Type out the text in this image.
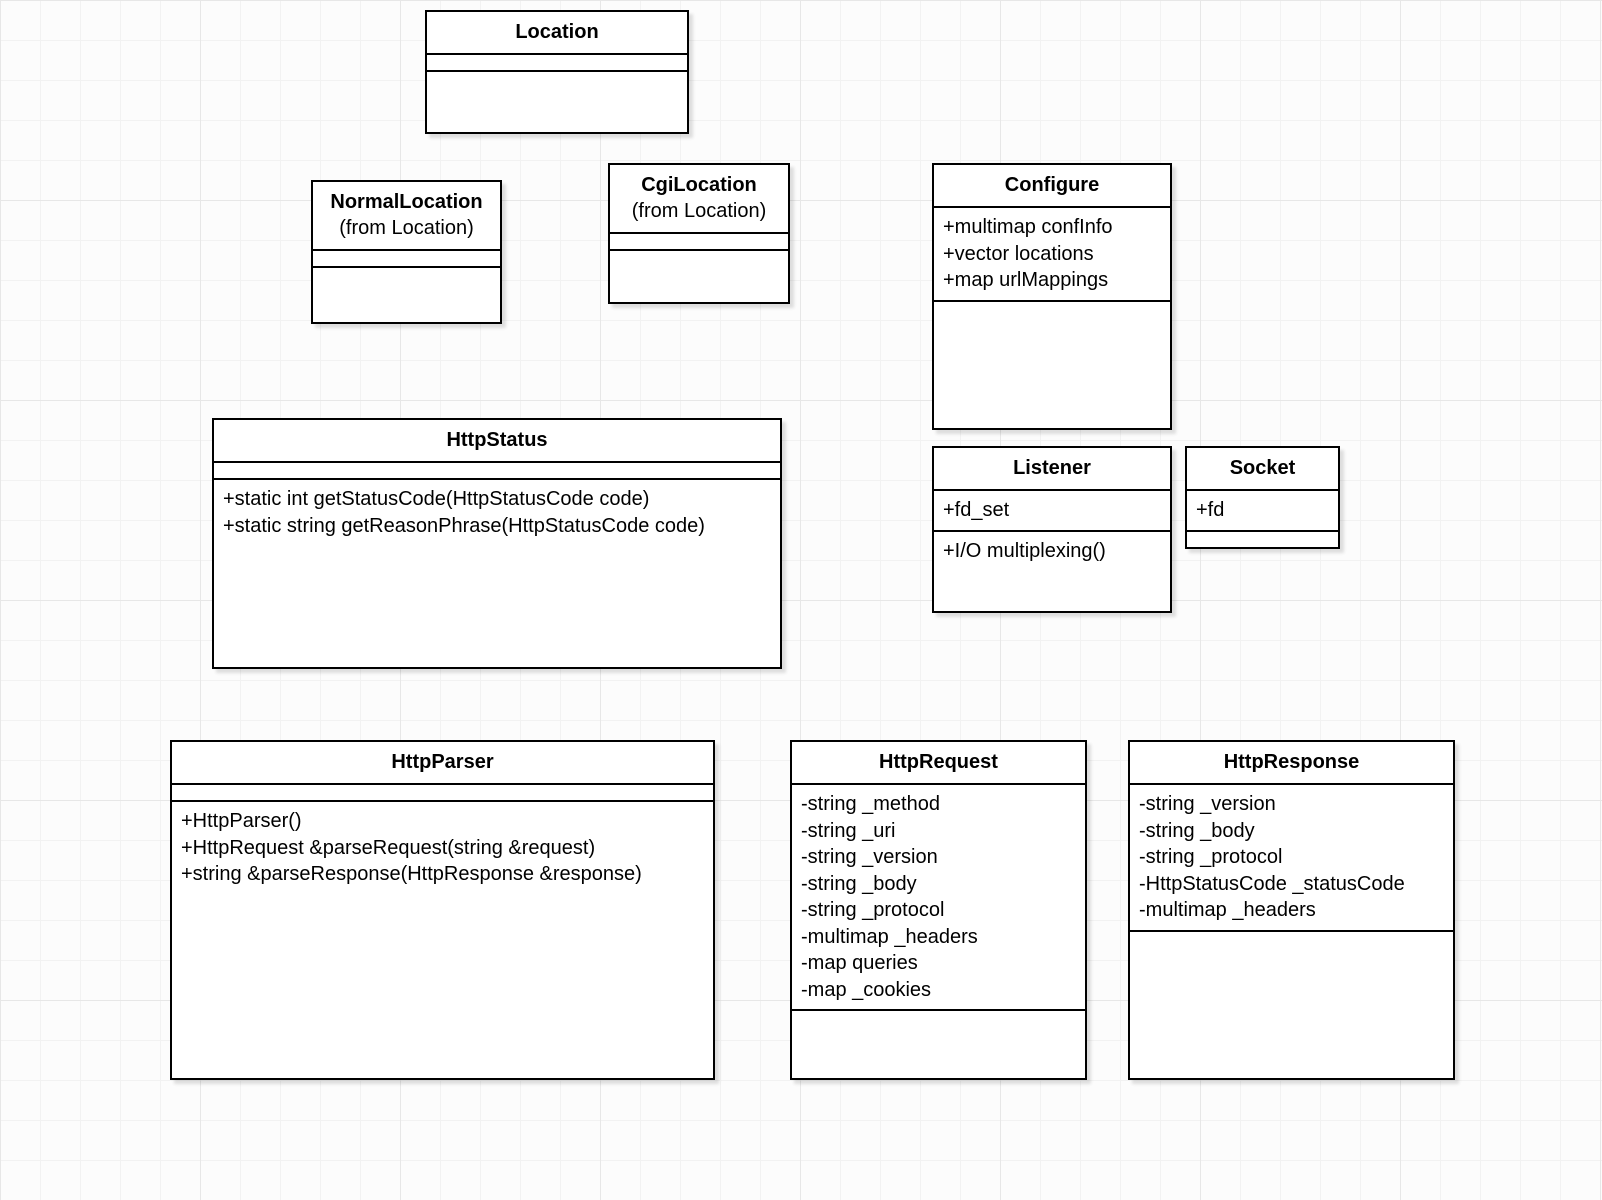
Location
NormalLocation
(from Location)
CgiLocation
(from Location)
Configure
+multimap confInfo
+vector locations
+map urlMappings
HttpStatus
+static int getStatusCode(HttpStatusCode code)
+static string getReasonPhrase(HttpStatusCode code)
Listener
+fd_set
+I/O multiplexing()
Socket
+fd
HttpParser
+HttpParser()
+HttpRequest &parseRequest(string &request)
+string &parseResponse(HttpResponse &response)
HttpRequest
-string _method
-string _uri
-string _version
-string _body
-string _protocol
-multimap _headers
-map queries
-map _cookies
HttpResponse
-string _version
-string _body
-string _protocol
-HttpStatusCode _statusCode
-multimap _headers
